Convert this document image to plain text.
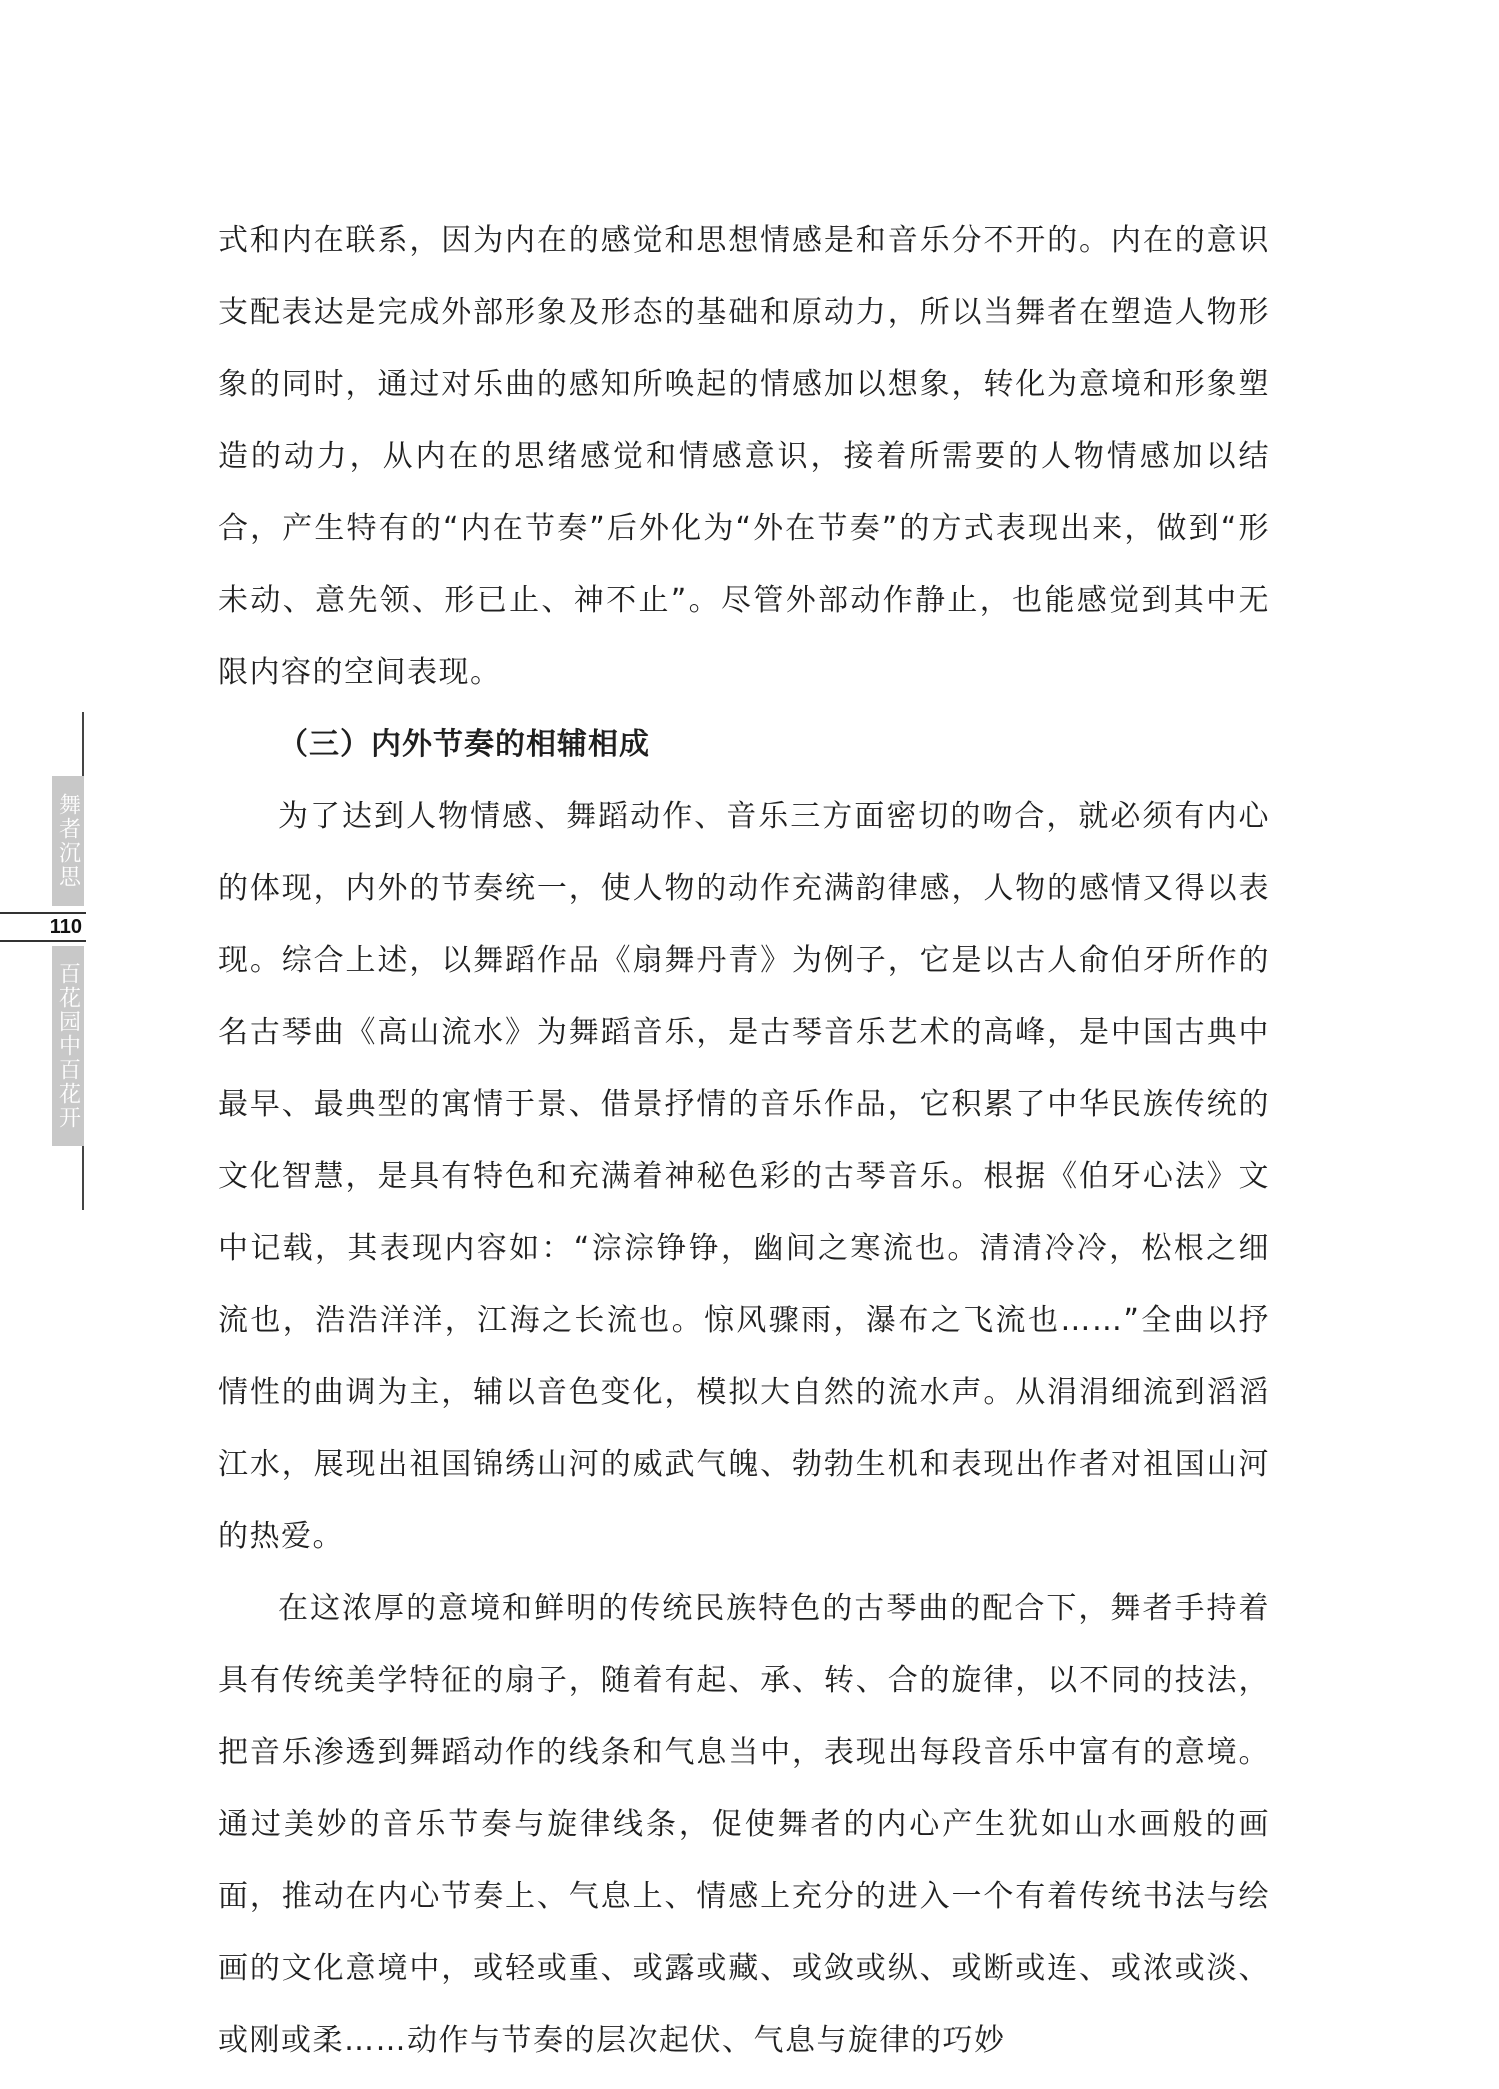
舞者沉思
110
百花园中百花开

式和内在联系，因为内在的感觉和思想情感是和音乐分不开的。内在的意识支配表达是完成外部形象及形态的基础和原动力，所以当舞者在塑造人物形象的同时，通过对乐曲的感知所唤起的情感加以想象，转化为意境和形象塑造的动力，从内在的思绪感觉和情感意识，接着所需要的人物情感加以结合，产生特有的“内在节奏”后外化为“外在节奏”的方式表现出来，做到“形未动、意先领、形已止、神不止”。尽管外部动作静止，也能感觉到其中无限内容的空间表现。

（三）内外节奏的相辅相成

为了达到人物情感、舞蹈动作、音乐三方面密切的吻合，就必须有内心的体现，内外的节奏统一，使人物的动作充满韵律感，人物的感情又得以表现。综合上述，以舞蹈作品《扇舞丹青》为例子，它是以古人俞伯牙所作的名古琴曲《高山流水》为舞蹈音乐，是古琴音乐艺术的高峰，是中国古典中最早、最典型的寓情于景、借景抒情的音乐作品，它积累了中华民族传统的文化智慧，是具有特色和充满着神秘色彩的古琴音乐。根据《伯牙心法》文中记载，其表现内容如：“淙淙铮铮，幽间之寒流也。清清冷冷，松根之细流也，浩浩洋洋，江海之长流也。惊风骤雨，瀑布之飞流也……”全曲以抒情性的曲调为主，辅以音色变化，模拟大自然的流水声。从涓涓细流到滔滔江水，展现出祖国锦绣山河的威武气魄、勃勃生机和表现出作者对祖国山河的热爱。

在这浓厚的意境和鲜明的传统民族特色的古琴曲的配合下，舞者手持着具有传统美学特征的扇子，随着有起、承、转、合的旋律，以不同的技法，把音乐渗透到舞蹈动作的线条和气息当中，表现出每段音乐中富有的意境。通过美妙的音乐节奏与旋律线条，促使舞者的内心产生犹如山水画般的画面，推动在内心节奏上、气息上、情感上充分的进入一个有着传统书法与绘画的文化意境中，或轻或重、或露或藏、或敛或纵、或断或连、或浓或淡、或刚或柔……动作与节奏的层次起伏、气息与旋律的巧妙
